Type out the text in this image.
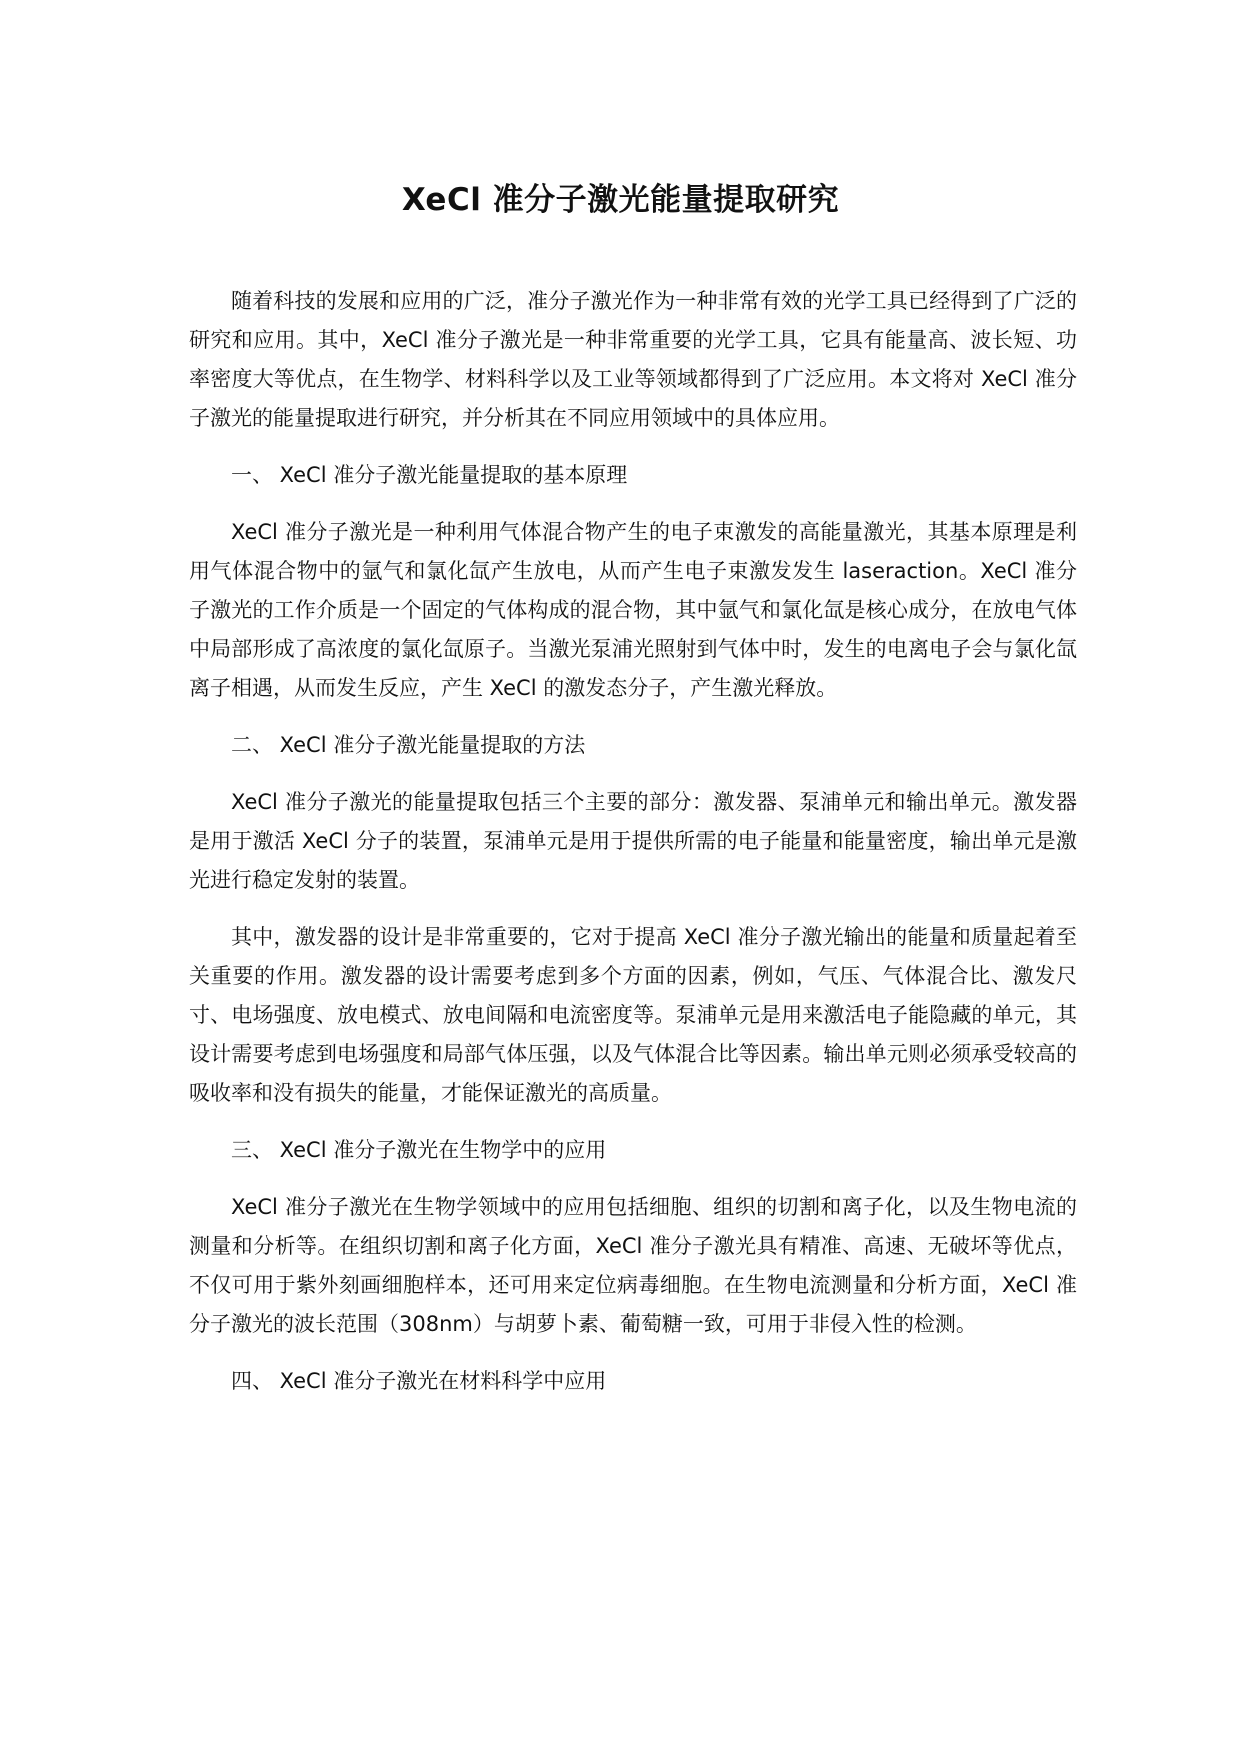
XeCl 准分子激光能量提取研究

随着科技的发展和应用的广泛，准分子激光作为一种非常有效的光学工具已经得到了广泛的研究和应用。其中，XeCl 准分子激光是一种非常重要的光学工具，它具有能量高、波长短、功率密度大等优点，在生物学、材料科学以及工业等领域都得到了广泛应用。本文将对 XeCl 准分子激光的能量提取进行研究，并分析其在不同应用领域中的具体应用。

一、 XeCl 准分子激光能量提取的基本原理

XeCl 准分子激光是一种利用气体混合物产生的电子束激发的高能量激光，其基本原理是利用气体混合物中的氩气和氯化氙产生放电，从而产生电子束激发发生 laseraction。XeCl 准分子激光的工作介质是一个固定的气体构成的混合物，其中氩气和氯化氙是核心成分，在放电气体中局部形成了高浓度的氯化氙原子。当激光泵浦光照射到气体中时，发生的电离电子会与氯化氙离子相遇，从而发生反应，产生 XeCl 的激发态分子，产生激光释放。

二、 XeCl 准分子激光能量提取的方法

XeCl 准分子激光的能量提取包括三个主要的部分：激发器、泵浦单元和输出单元。激发器是用于激活 XeCl 分子的装置，泵浦单元是用于提供所需的电子能量和能量密度，输出单元是激光进行稳定发射的装置。

其中，激发器的设计是非常重要的，它对于提高 XeCl 准分子激光输出的能量和质量起着至关重要的作用。激发器的设计需要考虑到多个方面的因素，例如，气压、气体混合比、激发尺寸、电场强度、放电模式、放电间隔和电流密度等。泵浦单元是用来激活电子能隐藏的单元，其设计需要考虑到电场强度和局部气体压强，以及气体混合比等因素。输出单元则必须承受较高的吸收率和没有损失的能量，才能保证激光的高质量。

三、 XeCl 准分子激光在生物学中的应用

XeCl 准分子激光在生物学领域中的应用包括细胞、组织的切割和离子化，以及生物电流的测量和分析等。在组织切割和离子化方面，XeCl 准分子激光具有精准、高速、无破坏等优点，不仅可用于紫外刻画细胞样本，还可用来定位病毒细胞。在生物电流测量和分析方面，XeCl 准分子激光的波长范围（308nm）与胡萝卜素、葡萄糖一致，可用于非侵入性的检测。

四、 XeCl 准分子激光在材料科学中应用
